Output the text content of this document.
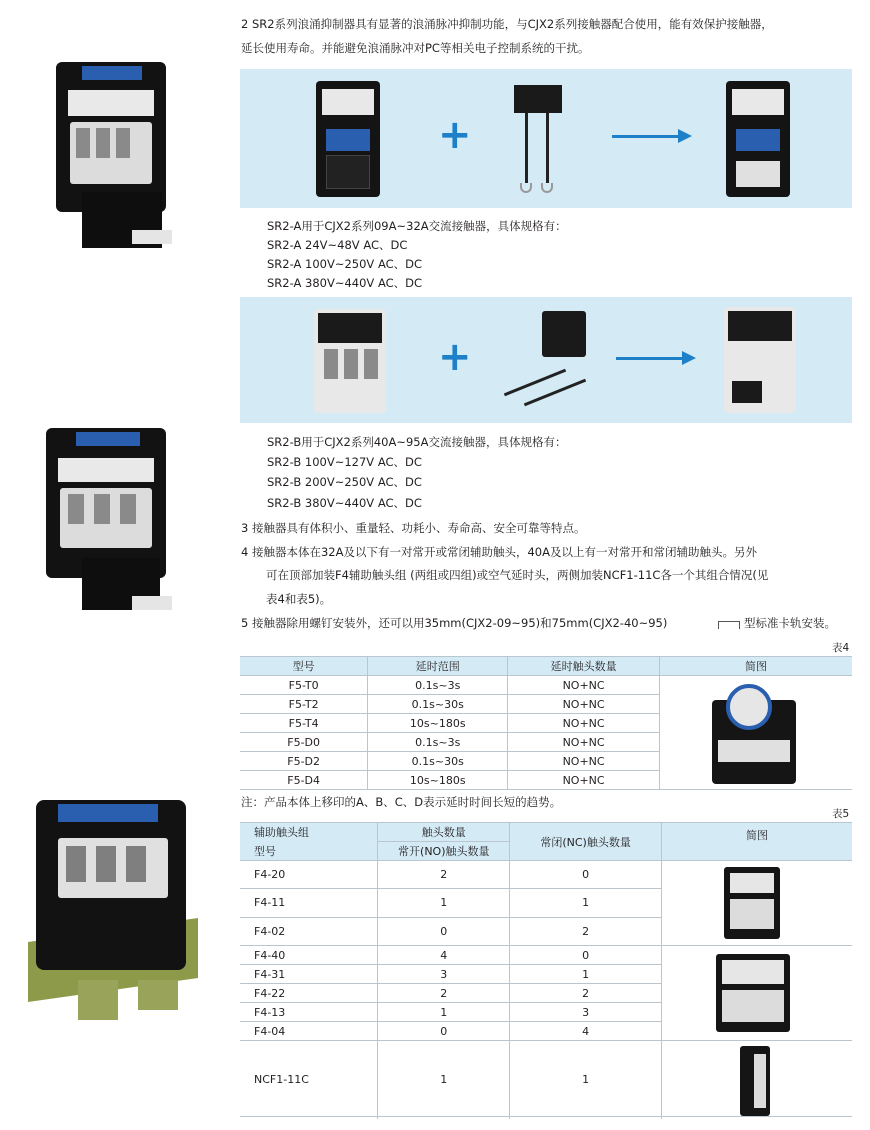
2 SR2系列浪涌抑制器具有显著的浪涌脉冲抑制功能，与CJX2系列接触器配合使用，能有效保护接触器，
延长使用寿命。并能避免浪涌脉冲对PC等相关电子控制系统的干扰。
+
SR2-A用于CJX2系列09A~32A交流接触器，具体规格有：
SR2-A 24V~48V AC、DC
SR2-A 100V~250V AC、DC
SR2-A 380V~440V AC、DC
+
SR2-B用于CJX2系列40A~95A交流接触器，具体规格有：
SR2-B 100V~127V AC、DC
SR2-B 200V~250V AC、DC
SR2-B 380V~440V AC、DC
3 接触器具有体积小、重量轻、功耗小、寿命高、安全可靠等特点。
4 接触器本体在32A及以下有一对常开或常闭辅助触头，40A及以上有一对常开和常闭辅助触头。另外
可在顶部加装F4辅助触头组 (两组或四组)或空气延时头，两侧加装NCF1-11C各一个其组合情况(见
表4和表5)。
5 接触器除用螺钉安装外，还可以用35mm(CJX2-09~95)和75mm(CJX2-40~95)	型标准卡轨安装。
表4
型号	延时范围	延时触头数量	简图
F5-T0	0.1s~3s	NO+NC	

F5-T2	0.1s~30s	NO+NC	
F5-T4	10s~180s	NO+NC	
F5-D0	0.1s~3s	NO+NC	
F5-D2	0.1s~30s	NO+NC	
F5-D4	10s~180s	NO+NC	
注：产品本体上移印的A、B、C、D表示延时时间长短的趋势。
表5
辅助触头组	触头数量	常闭(NC)触头数量	简图
型号	常开(NO)触头数量		
F4-20	2	0	

F4-11	1	1	
F4-02	0	2	
F4-40	4	0	

F4-31	3	1	
F4-22	2	2	
F4-13	1	3	
F4-04	0	4	
NCF1-11C	1	1	
